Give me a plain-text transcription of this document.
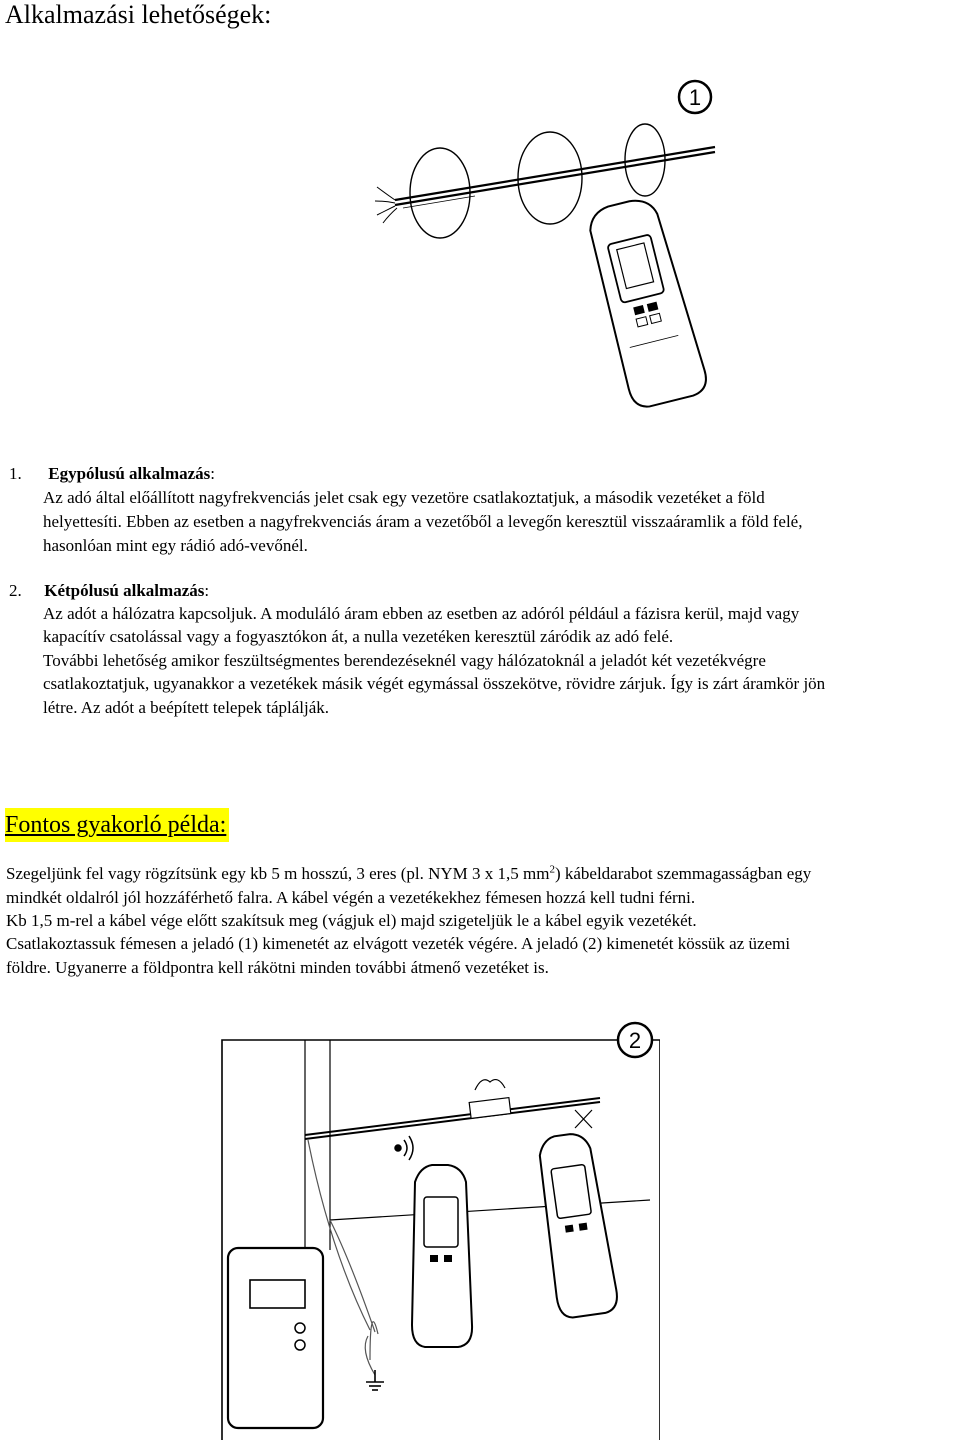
Alkalmazási lehetőségek:
1
1. Egypólusú alkalmazás:
Az adó által előállított nagyfrekvenciás jelet csak egy vezetöre csatlakoztatjuk, a második vezetéket a föld
helyettesíti. Ebben az esetben a nagyfrekvenciás áram a vezetőből a levegőn keresztül visszaáramlik a föld felé,
hasonlóan mint egy rádió adó-vevőnél.
2. Kétpólusú alkalmazás:
Az adót a hálózatra kapcsoljuk. A moduláló áram ebben az esetben az adóról például a fázisra kerül, majd vagy
kapacítív csatolással vagy a fogyasztókon át, a nulla vezetéken keresztül záródik az adó felé.
További lehetőség amikor feszültségmentes berendezéseknél vagy hálózatoknál a jeladót két vezetékvégre
csatlakoztatjuk, ugyanakkor a vezetékek másik végét egymással összekötve, rövidre zárjuk. Így is zárt áramkör jön
létre. Az adót a beépített telepek táplálják.
Fontos gyakorló példa:
Szegeljünk fel vagy rögzítsünk egy kb 5 m hosszú, 3 eres (pl. NYM 3 x 1,5 $mm^2$) kábeldarabot szemmagasságban egy
mindkét oldalról jól hozzáférhető falra. A kábel végén a vezetékekhez fémesen hozzá kell tudni férni.
Kb 1,5 m-rel a kábel vége előtt szakítsuk meg (vágjuk el) majd szigeteljük le a kábel egyik vezetékét.
Csatlakoztassuk fémesen a jeladó (1) kimenetét az elvágott vezeték végére. A jeladó (2) kimenetét kössük az üzemi
földre. Ugyanerre a földpontra kell rákötni minden további átmenő vezetéket is.
2
